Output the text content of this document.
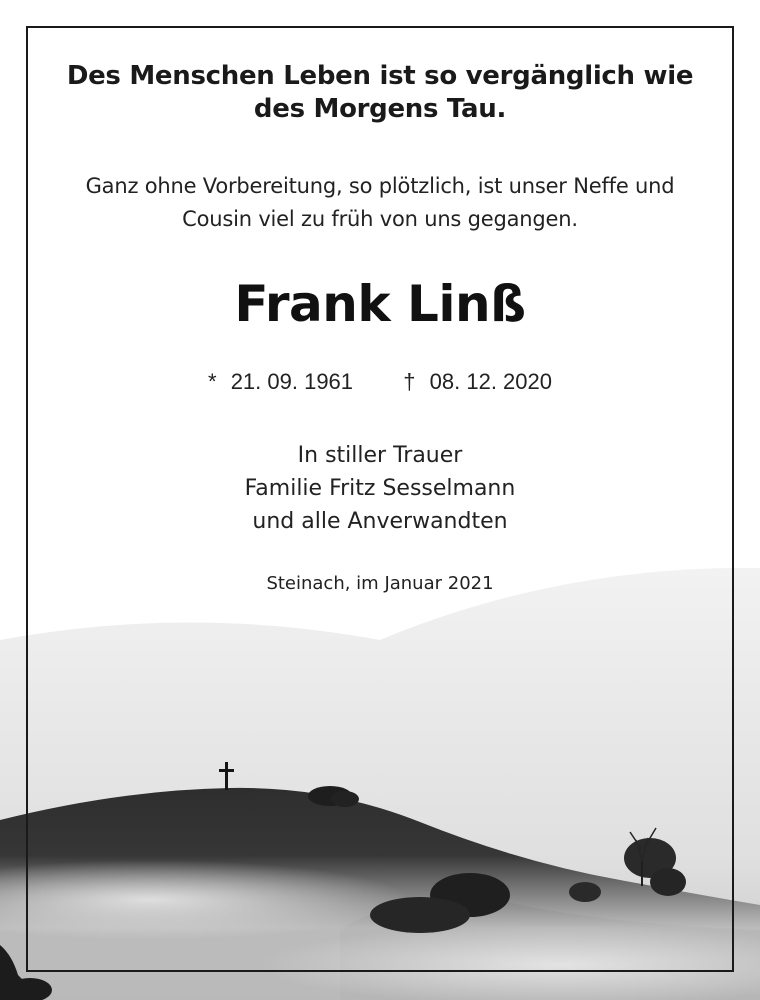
Des Menschen Leben ist so vergänglich wie
des Morgens Tau.
Ganz ohne Vorbereitung, so plötzlich, ist unser Neffe und
Cousin viel zu früh von uns gegangen.
Frank Linß
* 21. 09. 1961 † 08. 12. 2020
In stiller Trauer
Familie Fritz Sesselmann
und alle Anverwandten
Steinach, im Januar 2021
